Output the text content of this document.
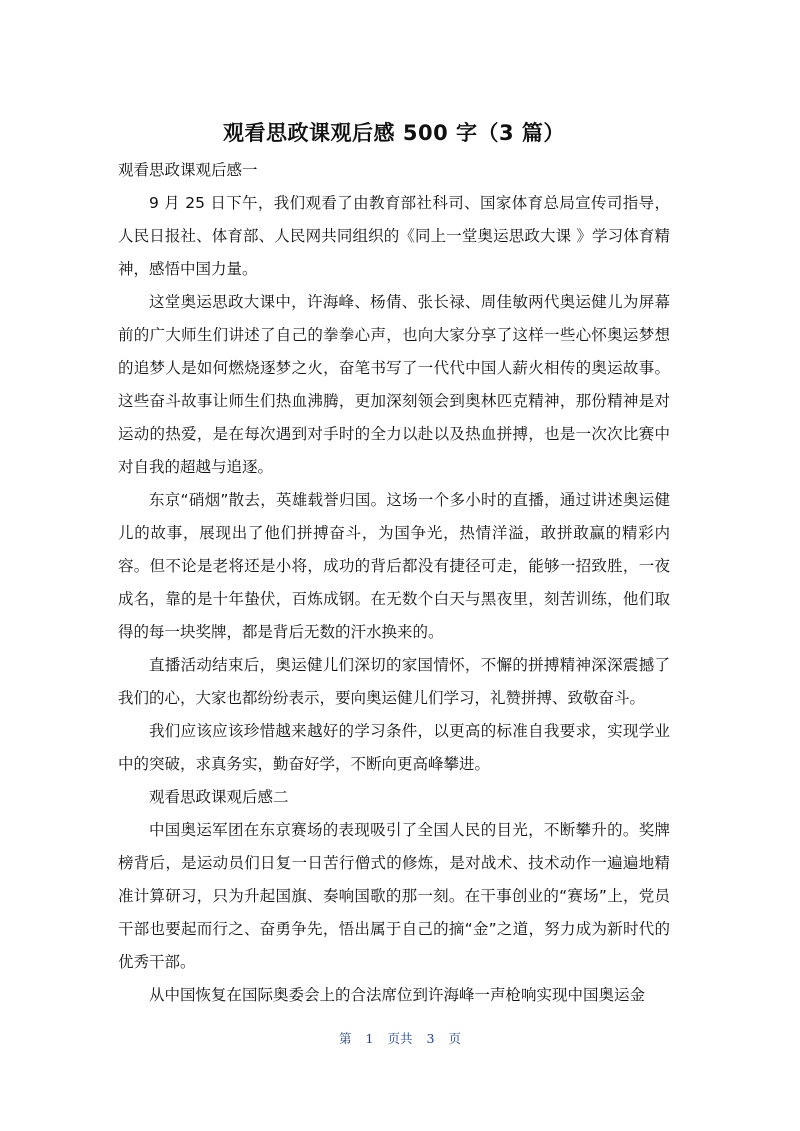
观看思政课观后感 500 字（3 篇）

观看思政课观后感一

9 月 25 日下午，我们观看了由教育部社科司、国家体育总局宣传司指导，人民日报社、体育部、人民网共同组织的《同上一堂奥运思政大课 》学习体育精神，感悟中国力量。

这堂奥运思政大课中，许海峰、杨倩、张长禄、周佳敏两代奥运健儿为屏幕前的广大师生们讲述了自己的拳拳心声，也向大家分享了这样一些心怀奥运梦想的追梦人是如何燃烧逐梦之火，奋笔书写了一代代中国人薪火相传的奥运故事。这些奋斗故事让师生们热血沸腾，更加深刻领会到奥林匹克精神，那份精神是对运动的热爱，是在每次遇到对手时的全力以赴以及热血拼搏，也是一次次比赛中对自我的超越与追逐。

东京“硝烟”散去，英雄载誉归国。这场一个多小时的直播，通过讲述奥运健儿的故事，展现出了他们拼搏奋斗，为国争光，热情洋溢，敢拼敢赢的精彩内容。但不论是老将还是小将，成功的背后都没有捷径可走，能够一招致胜，一夜成名，靠的是十年蛰伏，百炼成钢。在无数个白天与黑夜里，刻苦训练，他们取得的每一块奖牌，都是背后无数的汗水换来的。

直播活动结束后，奥运健儿们深切的家国情怀，不懈的拼搏精神深深震撼了我们的心，大家也都纷纷表示，要向奥运健儿们学习，礼赞拼搏、致敬奋斗。

我们应该应该珍惜越来越好的学习条件，以更高的标准自我要求，实现学业中的突破，求真务实，勤奋好学，不断向更高峰攀进。

观看思政课观后感二

中国奥运军团在东京赛场的表现吸引了全国人民的目光，不断攀升的。奖牌榜背后，是运动员们日复一日苦行僧式的修炼，是对战术、技术动作一遍遍地精准计算研习，只为升起国旗、奏响国歌的那一刻。在干事创业的“赛场”上，党员干部也要起而行之、奋勇争先，悟出属于自己的摘“金”之道，努力成为新时代的优秀干部。

从中国恢复在国际奥委会上的合法席位到许海峰一声枪响实现中国奥运金

第 1 页共 3 页
